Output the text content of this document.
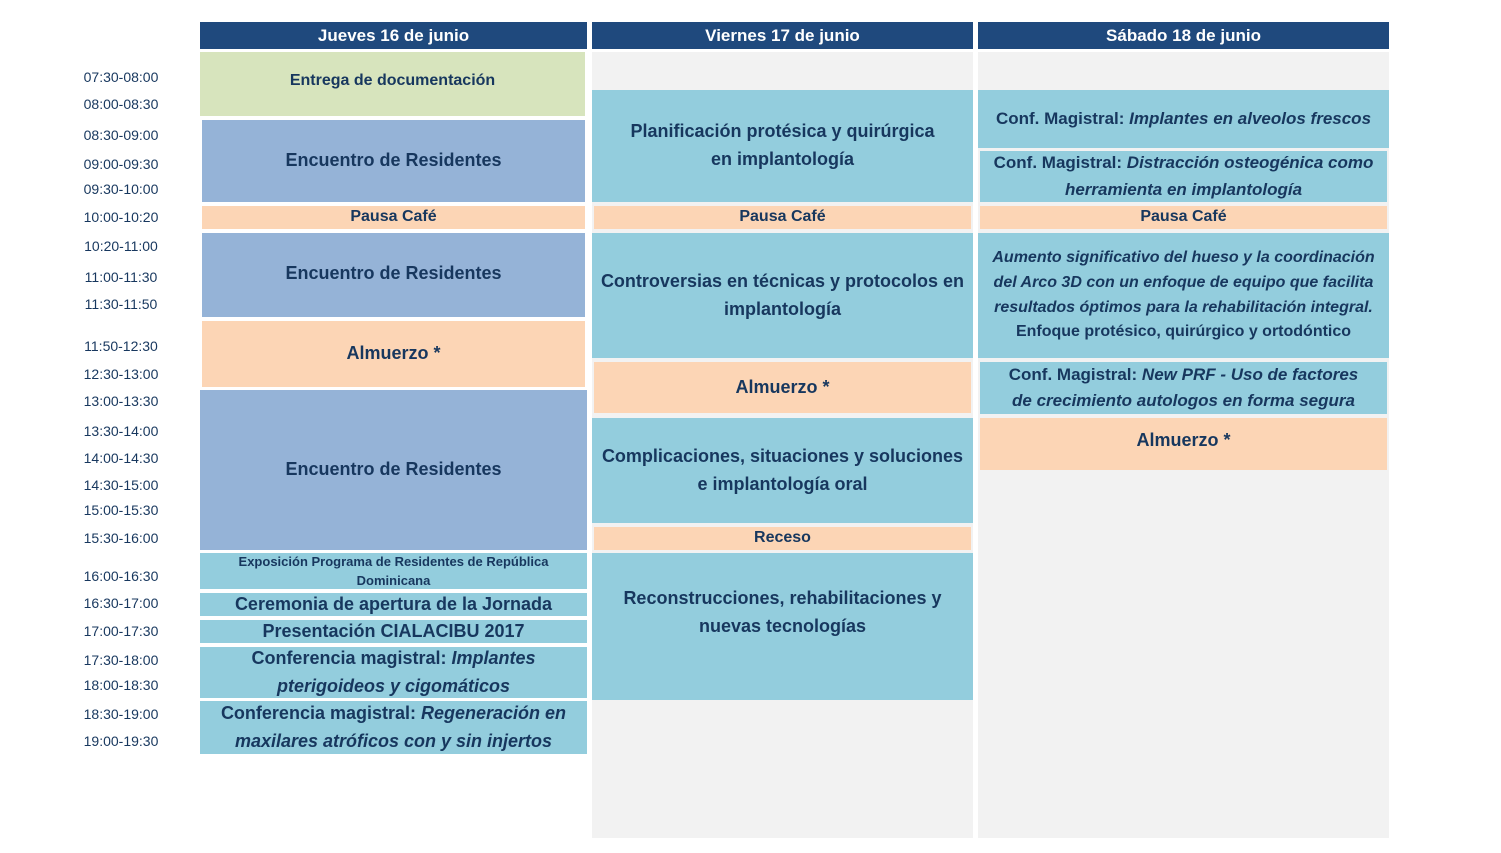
Jueves 16 de junio	Viernes 17 de junio	Sábado 18 de junio
07:30-08:00
08:00-08:30
08:30-09:00
09:00-09:30
09:30-10:00
10:00-10:20
10:20-11:00
11:00-11:30
11:30-11:50
11:50-12:30
12:30-13:00
13:00-13:30
13:30-14:00
14:00-14:30
14:30-15:00
15:00-15:30
15:30-16:00
16:00-16:30
16:30-17:00
17:00-17:30
17:30-18:00
18:00-18:30
18:30-19:00
19:00-19:30
Entrega de documentación
Encuentro de Residentes
Pausa Café
Encuentro de Residentes
Almuerzo *
Encuentro de Residentes
Exposición Programa de Residentes de República Dominicana
Ceremonia de apertura de la Jornada
Presentación CIALACIBU 2017
Conferencia magistral: Implantes pterigoideos y cigomáticos
Conferencia magistral: Regeneración en maxilares atróficos con y sin injertos
Planificación protésica y quirúrgica en implantología
Pausa Café
Controversias en técnicas y protocolos en implantología
Almuerzo *
Complicaciones, situaciones y soluciones e implantología oral
Receso
Reconstrucciones, rehabilitaciones y nuevas tecnologías
Conf. Magistral: Implantes en alveolos frescos
Conf. Magistral: Distracción osteogénica como herramienta en implantología
Pausa Café
Aumento significativo del hueso y la coordinación del Arco 3D con un enfoque de equipo que facilita resultados óptimos para la rehabilitación integral.
Enfoque protésico, quirúrgico y ortodóntico
Conf. Magistral: New PRF - Uso de factores de crecimiento autologos en forma segura
Almuerzo *
